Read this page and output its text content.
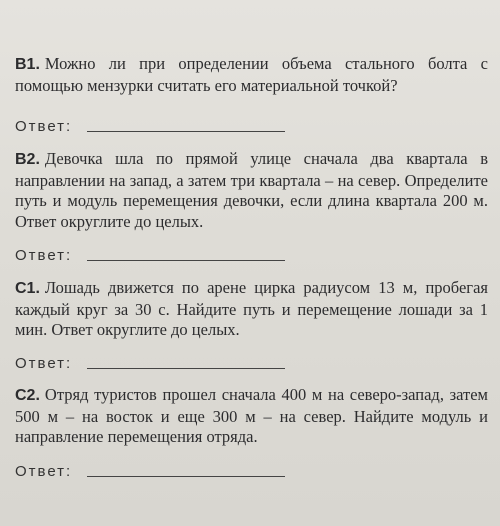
B1. Можно ли при определении объема стального болта с помощью мензурки считать его материальной точкой?

Ответ:

B2. Девочка шла по прямой улице сначала два квартала в направлении на запад, а затем три квартала – на север. Определите путь и модуль перемещения девочки, если длина квартала 200 м. Ответ округлите до целых.

Ответ:

C1. Лошадь движется по арене цирка радиусом 13 м, пробегая каждый круг за 30 с. Найдите путь и перемещение лошади за 1 мин. Ответ округлите до целых.

Ответ:

C2. Отряд туристов прошел сначала 400 м на северо-запад, затем 500 м – на восток и еще 300 м – на север. Найдите модуль и направление перемещения отряда.

Ответ:
